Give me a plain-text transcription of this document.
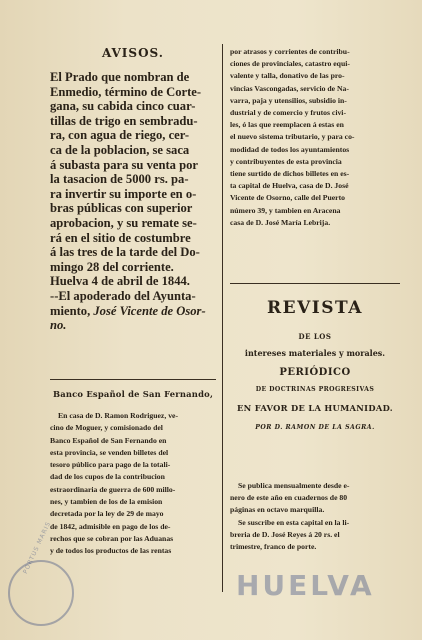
AVISOS.
El Prado que nombran de
Enmedio, término de Corte-
gana, su cabida cinco cuar-
tillas de trigo en sembradu-
ra, con agua de riego, cer-
ca de la poblacion, se saca
á subasta para su venta por
la tasacion de 5000 rs. pa-
ra invertir su importe en o-
bras públicas con superior
aprobacion, y su remate se-
rá en el sitio de costumbre
á las tres de la tarde del Do-
mingo 28 del corriente.
Huelva 4 de abril de 1844.
--El apoderado del Ayunta-
miento, José Vicente de Osor-
no.
Banco Español de San Fernando,
En casa de D. Ramon Rodriguez, ve-
cino de Moguer, y comisionado del
Banco Español de San Fernando en
esta provincia, se venden billetes del
tesoro público para pago de la totali-
dad de los cupos de la contribucion
estraordinaria de guerra de 600 millo-
nes, y tambien de los de la emision
decretada por la ley de 29 de mayo
de 1842, admisible en pago de los de-
rechos que se cobran por las Aduanas
y de todos los productos de las rentas
por atrasos y corrientes de contribu-
ciones de provinciales, catastro equi-
valente y talla, donativo de las pro-
vincias Vascongadas, servicio de Na-
varra, paja y utensilios, subsidio in-
dustrial y de comercio y frutos civi-
les, ó las que reemplacen á estas en
el nuevo sistema tributario, y para co-
modidad de todos los ayuntamientos
y contribuyentes de esta provincia
tiene surtido de dichos billetes en es-
ta capital de Huelva, casa de D. José
Vicente de Osorno, calle del Puerto
número 39, y tambien en Aracena
casa de D. José María Lebrija.
REVISTA
DE LOS
intereses materiales y morales.
PERIÓDICO
DE DOCTRINAS PROGRESIVAS
EN FAVOR DE LA HUMANIDAD.
POR D. RAMON DE LA SAGRA.
Se publica mensualmente desde e-
nero de este año en cuadernos de 80
páginas en octavo marquilla.
Se suscribe en esta capital en la li-
breria de D. José Reyes á 20 rs. el
trimestre, franco de porte.
PORTUS MARIS
HUELVA
